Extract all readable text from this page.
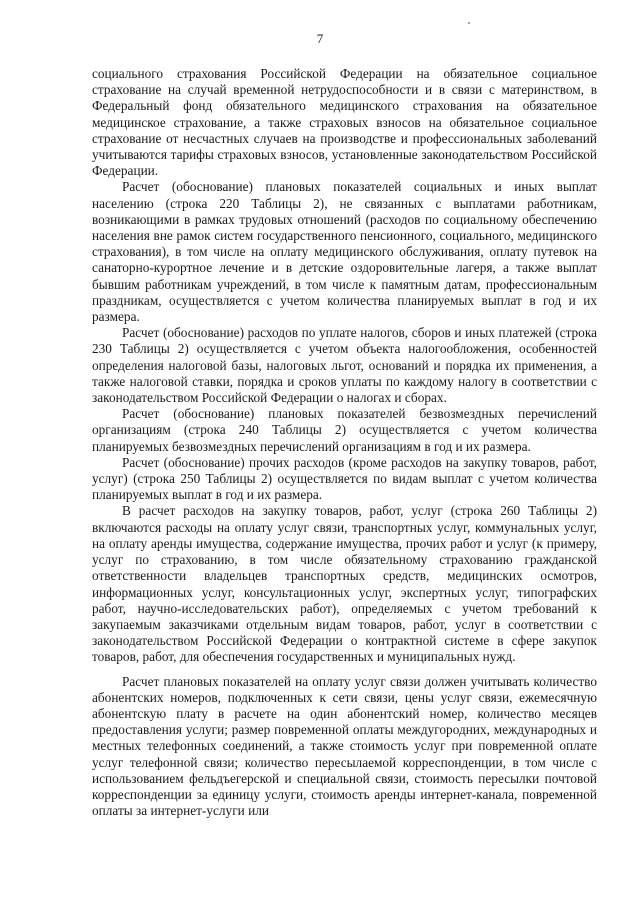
7

социального страхования Российской Федерации на обязательное социальное страхование на случай временной нетрудоспособности и в связи с материнством, в Федеральный фонд обязательного медицинского страхования на обязательное медицинское страхование, а также страховых взносов на обязательное социальное страхование от несчастных случаев на производстве и профессиональных заболеваний учитываются тарифы страховых взносов, установленные законодательством Российской Федерации.

Расчет (обоснование) плановых показателей социальных и иных выплат населению (строка 220 Таблицы 2), не связанных с выплатами работникам, возникающими в рамках трудовых отношений (расходов по социальному обеспечению населения вне рамок систем государственного пенсионного, социального, медицинского страхования), в том числе на оплату медицинского обслуживания, оплату путевок на санаторно-курортное лечение и в детские оздоровительные лагеря, а также выплат бывшим работникам учреждений, в том числе к памятным датам, профессиональным праздникам, осуществляется с учетом количества планируемых выплат в год и их размера.

Расчет (обоснование) расходов по уплате налогов, сборов и иных платежей (строка 230 Таблицы 2) осуществляется с учетом объекта налогообложения, особенностей определения налоговой базы, налоговых льгот, оснований и порядка их применения, а также налоговой ставки, порядка и сроков уплаты по каждому налогу в соответствии с законодательством Российской Федерации о налогах и сборах.

Расчет (обоснование) плановых показателей безвозмездных перечислений организациям (строка 240 Таблицы 2) осуществляется с учетом количества планируемых безвозмездных перечислений организациям в год и их размера.

Расчет (обоснование) прочих расходов (кроме расходов на закупку товаров, работ, услуг) (строка 250 Таблицы 2) осуществляется по видам выплат с учетом количества планируемых выплат в год и их размера.

В расчет расходов на закупку товаров, работ, услуг (строка 260 Таблицы 2) включаются расходы на оплату услуг связи, транспортных услуг, коммунальных услуг, на оплату аренды имущества, содержание имущества, прочих работ и услуг (к примеру, услуг по страхованию, в том числе обязательному страхованию гражданской ответственности владельцев транспортных средств, медицинских осмотров, информационных услуг, консультационных услуг, экспертных услуг, типографских работ, научно-исследовательских работ), определяемых с учетом требований к закупаемым заказчиками отдельным видам товаров, работ, услуг в соответствии с законодательством Российской Федерации о контрактной системе в сфере закупок товаров, работ, для обеспечения государственных и муниципальных нужд.

Расчет плановых показателей на оплату услуг связи должен учитывать количество абонентских номеров, подключенных к сети связи, цены услуг связи, ежемесячную абонентскую плату в расчете на один абонентский номер, количество месяцев предоставления услуги; размер повременной оплаты междугородних, международных и местных телефонных соединений, а также стоимость услуг при повременной оплате услуг телефонной связи; количество пересылаемой корреспонденции, в том числе с использованием фельдъегерской и специальной связи, стоимость пересылки почтовой корреспонденции за единицу услуги, стоимость аренды интернет-канала, повременной оплаты за интернет-услуги или
